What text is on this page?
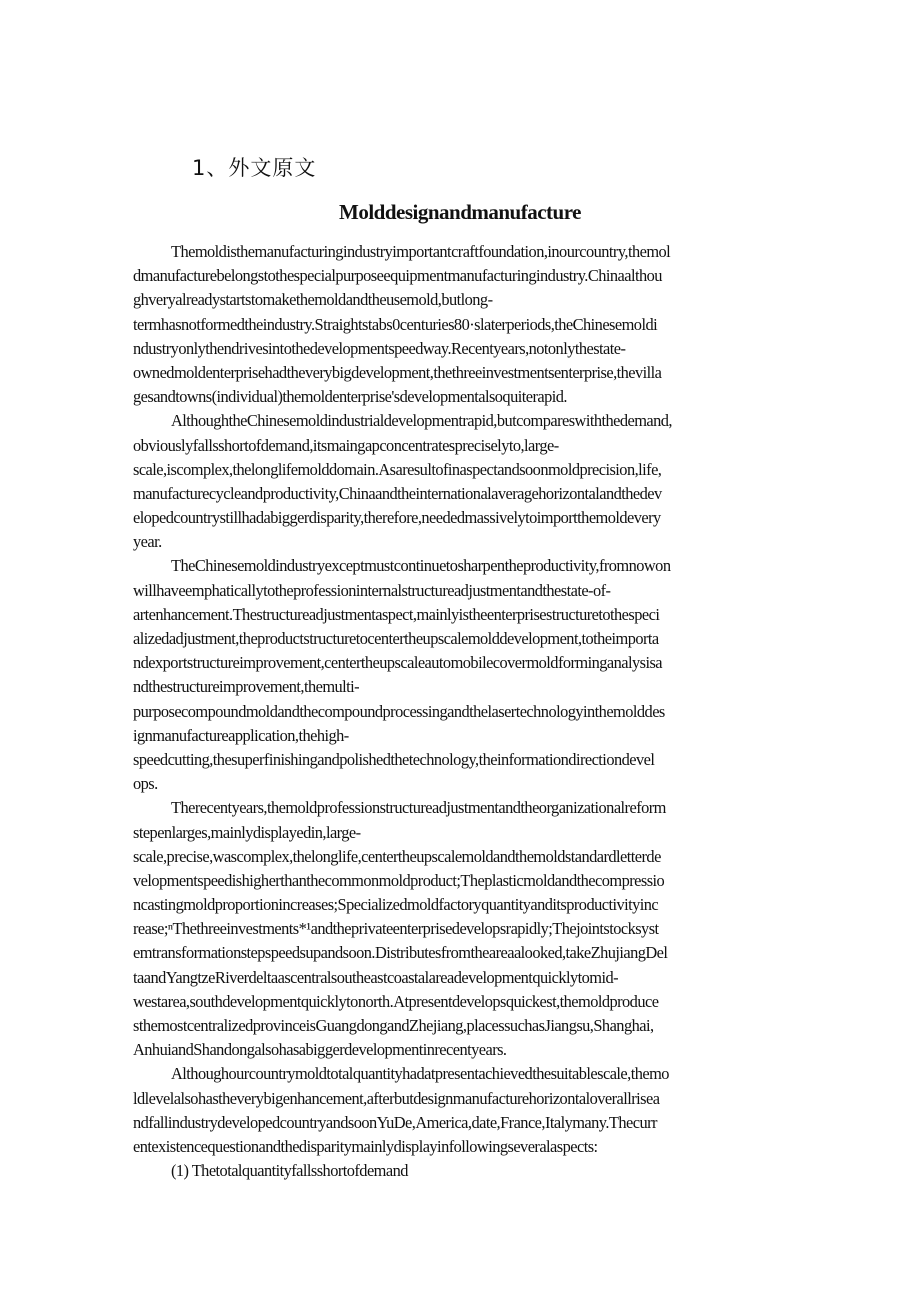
1、外文原文
Molddesignandmanufacture
Themoldisthemanufacturingindustryimportantcraftfoundation,inourcountry,themol
dmanufacturebelongstothespecialpurposeequipmentmanufacturingindustry.Chinaalthou
ghveryalreadystartstomakethemoldandtheusemold,butlong-
termhasnotformedtheindustry.Straightstabs0centuries80·slaterperiods,theChinesemoldi
ndustryonlythendrivesintothedevelopmentspeedway.Recentyears,notonlythestate-
ownedmoldenterprisehadtheverybigdevelopment,thethreeinvestmentsenterprise,thevilla
gesandtowns(individual)themoldenterprise'sdevelopmentalsoquiterapid.
AlthoughtheChinesemoldindustrialdevelopmentrapid,butcompareswiththedemand,
obviouslyfallsshortofdemand,itsmaingapconcentratespreciselyto,large-
scale,iscomplex,thelonglifemolddomain.Asaresultofinaspectandsoonmoldprecision,life,
manufacturecycleandproductivity,Chinaandtheinternationalaveragehorizontalandthedev
elopedcountrystillhadabiggerdisparity,therefore,neededmassivelytoimportthemoldevery
year.
TheChinesemoldindustryexceptmustcontinuetosharpentheproductivity,fromnowon
willhaveemphaticallytotheprofessioninternalstructureadjustmentandthestate-of-
artenhancement.Thestructureadjustmentaspect,mainlyistheenterprisestructuretothespeci
alizedadjustment,theproductstructuretocentertheupscalemolddevelopment,totheimporta
ndexportstructureimprovement,centertheupscaleautomobilecovermoldforminganalysisa
ndthestructureimprovement,themulti-
purposecompoundmoldandthecompoundprocessingandthelasertechnologyinthemolddes
ignmanufactureapplication,thehigh-
speedcutting,thesuperfinishingandpolishedthetechnology,theinformationdirectiondevel
ops.
Therecentyears,themoldprofessionstructureadjustmentandtheorganizationalreform
stepenlarges,mainlydisplayedin,large-
scale,precise,wascomplex,thelonglife,centertheupscalemoldandthemoldstandardletterde
velopmentspeedishigherthanthecommonmoldproduct;Theplasticmoldandthecompressio
ncastingmoldproportionincreases;Specializedmoldfactoryquantityanditsproductivityinc
rease;ⁿThethreeinvestments*¹andtheprivateenterprisedevelopsrapidly;Thejointstocksyst
emtransformationstepspeedsupandsoon.Distributesfromtheareaalooked,takeZhujiangDel
taandYangtzeRiverdeltaascentralsoutheastcoastalareadevelopmentquicklytomid-
westarea,southdevelopmentquicklytonorth.Atpresentdevelopsquickest,themoldproduce
sthemostcentralizedprovinceisGuangdongandZhejiang,placessuchasJiangsu,Shanghai,
AnhuiandShandongalsohasabiggerdevelopmentinrecentyears.
Althoughourcountrymoldtotalquantityhadatpresentachievedthesuitablescale,themo
ldlevelalsohastheverybigenhancement,afterbutdesignmanufacturehorizontaloverallrisea
ndfallindustrydevelopedcountryandsoonYuDe,America,date,France,Italymany.Thecurr
entexistencequestionandthedisparitymainlydisplayinfollowingseveralaspects:
(1) Thetotalquantityfallsshortofdemand
